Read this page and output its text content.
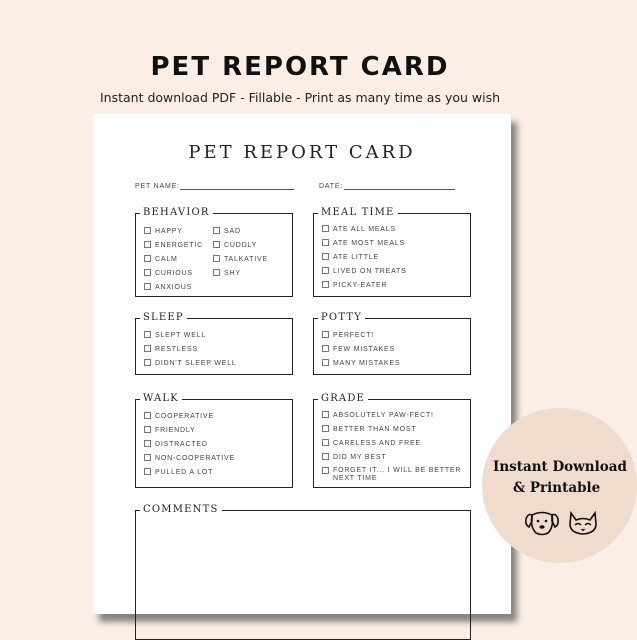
PET REPORT CARD
Instant download PDF - Fillable - Print as many time as you wish
PET REPORT CARD
PET NAME:	DATE:
BEHAVIOR
HAPPY
ENERGETIC
CALM
CURIOUS
ANXIOUS
SAD
CUDDLY
TALKATIVE
SHY
MEAL TIME
ATE ALL MEALS
ATE MOST MEALS
ATE LITTLE
LIVED ON TREATS
PICKY-EATER
SLEEP
SLEPT WELL
RESTLESS
DIDN'T SLEEP WELL
POTTY
PERFECT!
FEW MISTAKES
MANY MISTAKES
WALK
COOPERATIVE
FRIENDLY
DISTRACTED
NON-COOPERATIVE
PULLED A LOT
GRADE
ABSOLUTELY PAW-FECT!
BETTER THAN MOST
CARELESS AND FREE
DID MY BEST
FORGET IT... I WILL BE BETTER NEXT TIME
COMMENTS
Instant Download
& Printable
